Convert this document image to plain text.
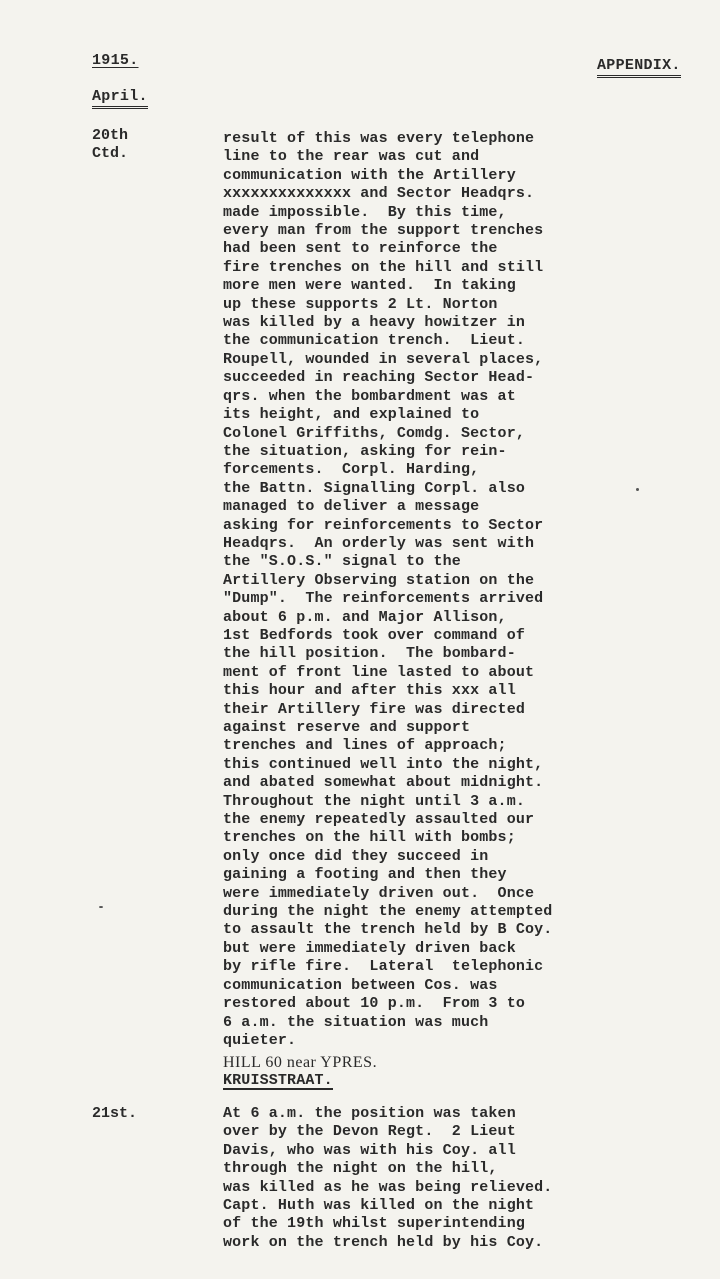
1915.	APPENDIX.
April.
20th
Ctd.
result of this was every telephone
line to the rear was cut and
communication with the Artillery
xxxxxxxxxxxxxx and Sector Headqrs.
made impossible.  By this time,
every man from the support trenches
had been sent to reinforce the
fire trenches on the hill and still
more men were wanted.  In taking
up these supports 2 Lt. Norton
was killed by a heavy howitzer in
the communication trench.  Lieut.
Roupell, wounded in several places,
succeeded in reaching Sector Head-
qrs. when the bombardment was at
its height, and explained to
Colonel Griffiths, Comdg. Sector,
the situation, asking for rein-
forcements.  Corpl. Harding,
the Battn. Signalling Corpl. also
managed to deliver a message
asking for reinforcements to Sector
Headqrs.  An orderly was sent with
the "S.O.S." signal to the
Artillery Observing station on the
"Dump".  The reinforcements arrived
about 6 p.m. and Major Allison,
1st Bedfords took over command of
the hill position.  The bombard-
ment of front line lasted to about
this hour and after this xxx all
their Artillery fire was directed
against reserve and support
trenches and lines of approach;
this continued well into the night,
and abated somewhat about midnight.
Throughout the night until 3 a.m.
the enemy repeatedly assaulted our
trenches on the hill with bombs;
only once did they succeed in
gaining a footing and then they
were immediately driven out.  Once
during the night the enemy attempted
to assault the trench held by B Coy.
but were immediately driven back
by rifle fire.  Lateral  telephonic
communication between Cos. was
restored about 10 p.m.  From 3 to
6 a.m. the situation was much
quieter.
HILL 60 near YPRES.
KRUISSTRAAT.
21st.	At 6 a.m. the position was taken
over by the Devon Regt.  2 Lieut
Davis, who was with his Coy. all
through the night on the hill,
was killed as he was being relieved.
Capt. Huth was killed on the night
of the 19th whilst superintending
work on the trench held by his Coy.
